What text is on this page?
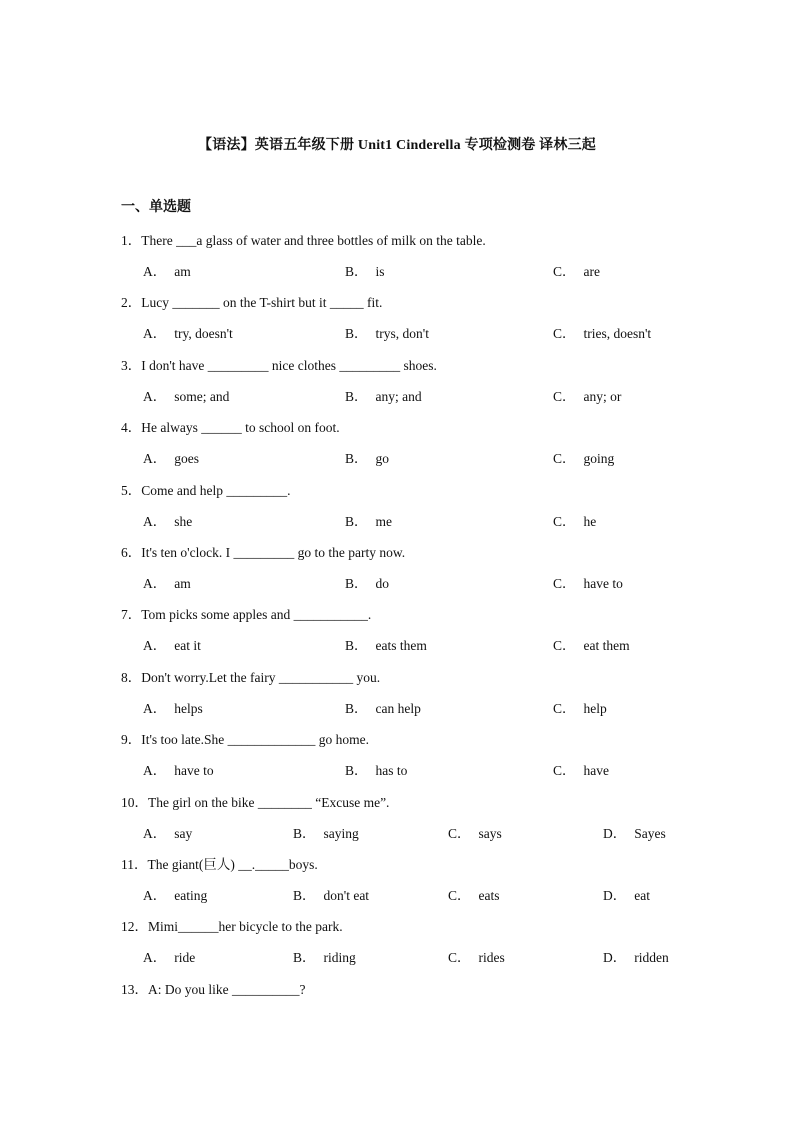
【语法】英语五年级下册 Unit1 Cinderella 专项检测卷 译林三起
一、单选题
1．There ___a glass of water and three bottles of milk on the table.
A． am	B． is	C． are
2．Lucy _______ on the T-shirt but it _____ fit.
A． try, doesn't	B． trys, don't	C． tries, doesn't
3．I don't have _________ nice clothes _________ shoes.
A． some; and	B． any; and	C． any; or
4．He always ______ to school on foot.
A． goes	B． go	C． going
5．Come and help _________.
A． she	B． me	C． he
6．It's ten o'clock. I _________ go to the party now.
A． am	B． do	C． have to
7．Tom picks some apples and ___________.
A． eat it	B． eats them	C． eat them
8．Don't worry.Let the fairy ___________ you.
A． helps	B． can help	C． help
9．It's too late.She _____________ go home.
A． have to	B． has to	C． have
10．The girl on the bike ________ “Excuse me”.
A． say	B． saying	C． says	D． Sayes
11．The giant(巨人) __._____boys.
A． eating	B． don't eat	C． eats	D． eat
12．Mimi______her bicycle to the park.
A． ride	B． riding	C． rides	D． ridden
13．A: Do you like __________?
